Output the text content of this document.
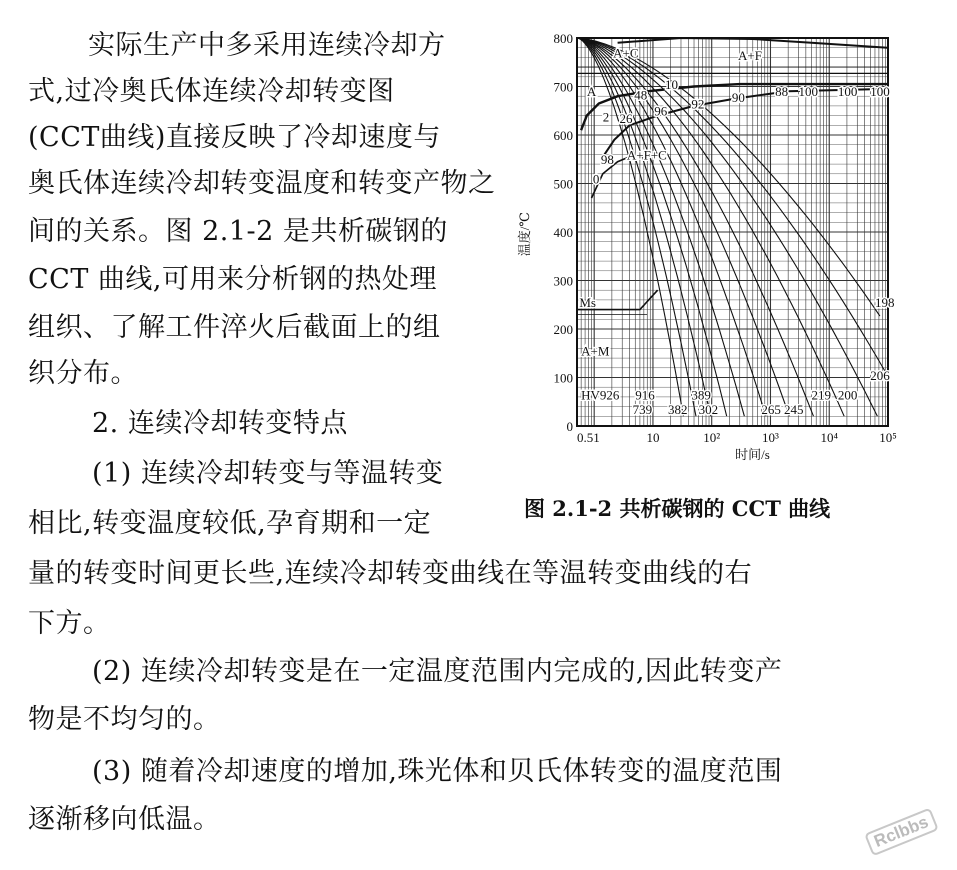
实际生产中多采用连续冷却方
式,过冷奥氏体连续冷却转变图
(CCT曲线)直接反映了冷却速度与
奥氏体连续冷却转变温度和转变产物之
间的关系。图 2.1-2 是共析碳钢的
CCT 曲线,可用来分析钢的热处理
组织、了解工件淬火后截面上的组
织分布。
2. 连续冷却转变特点
(1) 连续冷却转变与等温转变
相比,转变温度较低,孕育期和一定
量的转变时间更长些,连续冷却转变曲线在等温转变曲线的右
下方。
(2) 连续冷却转变是在一定温度范围内完成的,因此转变产
物是不均匀的。
(3) 随着冷却速度的增加,珠光体和贝氏体转变的温度范围
逐渐移向低温。
0
100
200
300
400
500
600
700
800
0.51	10	10²	10³	10⁴	10⁵
A+C	A+F
A
A+F+C
Ms
A+M
2
48
26 96 92
10
90 88 100 100 100
0
98
198
206
HV926 916	389
739 382 302	265 245
219 200
温度/℃
时间/s
图 2.1-2 共析碳钢的 CCT 曲线
Rclbbs
